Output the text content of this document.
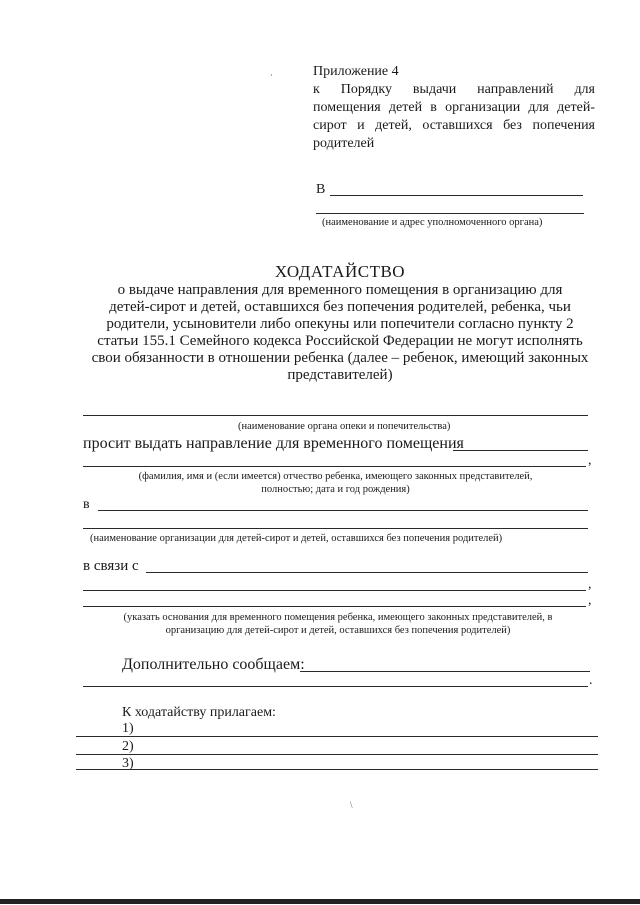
Приложение 4
к Порядку выдачи направлений для
помещения детей в организации для детей-
сирот и детей, оставшихся без попечения
родителей
·
В
(наименование и адрес уполномоченного органа)
ХОДАТАЙСТВО
о выдаче направления для временного помещения в организацию для
детей-сирот и детей, оставшихся без попечения родителей, ребенка, чьи
родители, усыновители либо опекуны или попечители согласно пункту 2
статьи 155.1 Семейного кодекса Российской Федерации не могут исполнять
свои обязанности в отношении ребенка (далее – ребенок, имеющий законных
представителей)
(наименование органа опеки и попечительства)
просит выдать направление для временного помещения
,
(фамилия, имя и (если имеется) отчество ребенка, имеющего законных представителей,
полностью; дата и год рождения)
в
(наименование организации для детей-сирот и детей, оставшихся без попечения родителей)
в связи с
,
,
(указать основания для временного помещения ребенка, имеющего законных представителей, в
организацию для детей-сирот и детей, оставшихся без попечения родителей)
Дополнительно сообщаем:
.
К ходатайству прилагаем:
1)
2)
3)
\
